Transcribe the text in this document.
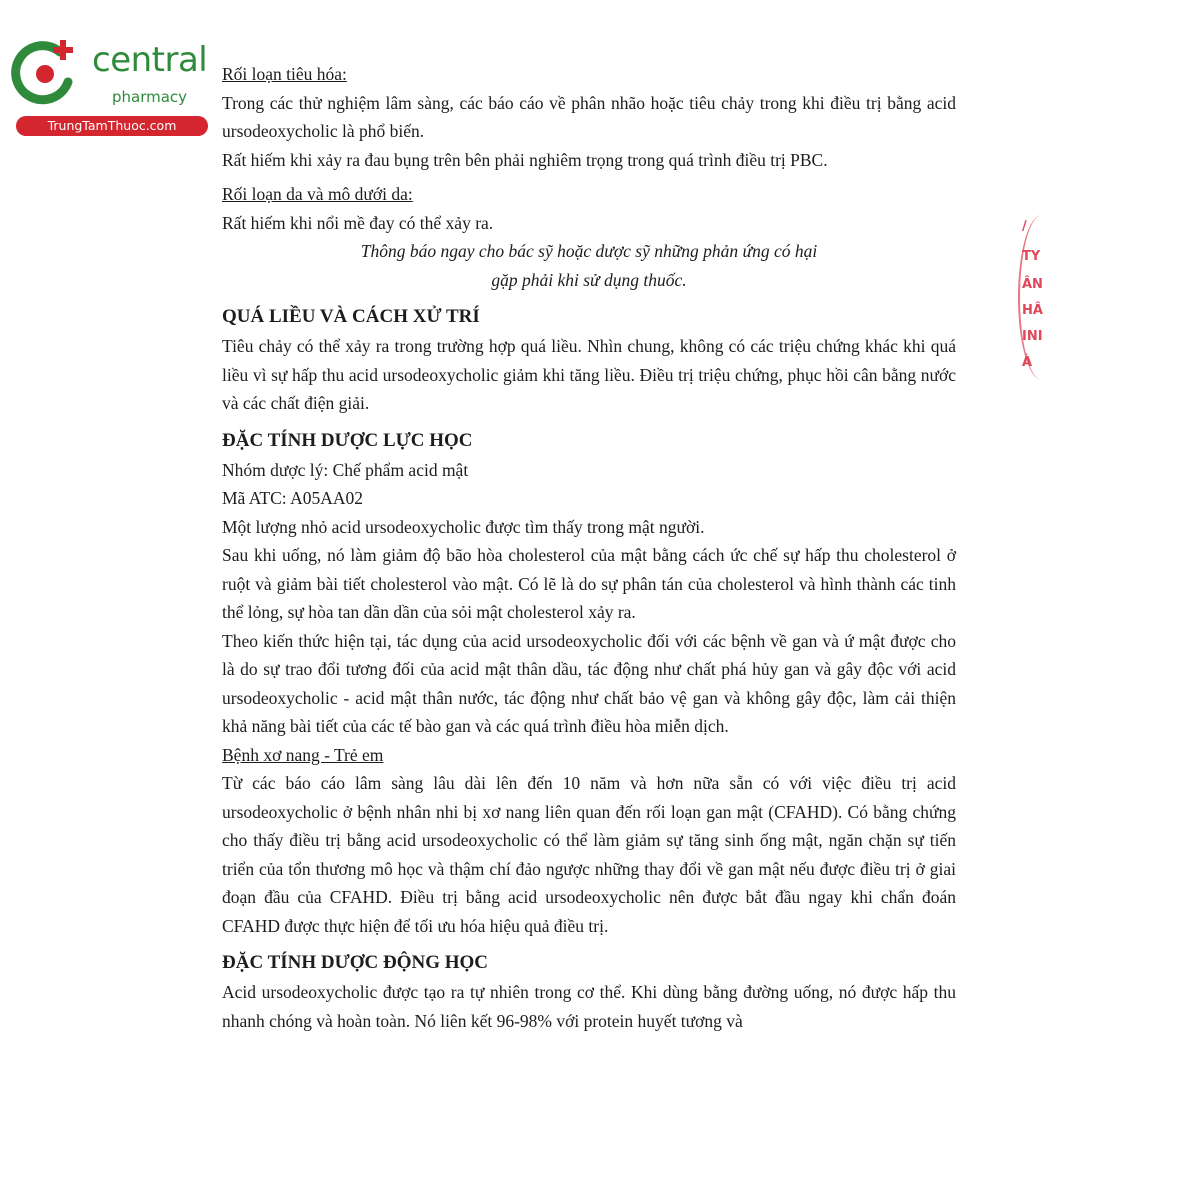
central
pharmacy
TrungTamThuoc.com
/
TY
ÂN
HÂ
INI
À

Rối loạn tiêu hóa:

Trong các thử nghiệm lâm sàng, các báo cáo về phân nhão hoặc tiêu chảy trong khi điều trị bằng acid ursodeoxycholic là phổ biến.

Rất hiếm khi xảy ra đau bụng trên bên phải nghiêm trọng trong quá trình điều trị PBC.

Rối loạn da và mô dưới da:

Rất hiếm khi nổi mề đay có thể xảy ra.

Thông báo ngay cho bác sỹ hoặc dược sỹ những phản ứng có hại

gặp phải khi sử dụng thuốc.

QUÁ LIỀU VÀ CÁCH XỬ TRÍ

Tiêu chảy có thể xảy ra trong trường hợp quá liều. Nhìn chung, không có các triệu chứng khác khi quá liều vì sự hấp thu acid ursodeoxycholic giảm khi tăng liều. Điều trị triệu chứng, phục hồi cân bằng nước và các chất điện giải.

ĐẶC TÍNH DƯỢC LỰC HỌC

Nhóm dược lý: Chế phẩm acid mật

Mã ATC: A05AA02

Một lượng nhỏ acid ursodeoxycholic được tìm thấy trong mật người.

Sau khi uống, nó làm giảm độ bão hòa cholesterol của mật bằng cách ức chế sự hấp thu cholesterol ở ruột và giảm bài tiết cholesterol vào mật. Có lẽ là do sự phân tán của cholesterol và hình thành các tinh thể lỏng, sự hòa tan dần dần của sỏi mật cholesterol xảy ra.

Theo kiến thức hiện tại, tác dụng của acid ursodeoxycholic đối với các bệnh về gan và ứ mật được cho là do sự trao đổi tương đối của acid mật thân dầu, tác động như chất phá hủy gan và gây độc với acid ursodeoxycholic - acid mật thân nước, tác động như chất bảo vệ gan và không gây độc, làm cải thiện khả năng bài tiết của các tế bào gan và các quá trình điều hòa miễn dịch.

Bệnh xơ nang - Trẻ em

Từ các báo cáo lâm sàng lâu dài lên đến 10 năm và hơn nữa sẵn có với việc điều trị acid ursodeoxycholic ở bệnh nhân nhi bị xơ nang liên quan đến rối loạn gan mật (CFAHD). Có bằng chứng cho thấy điều trị bằng acid ursodeoxycholic có thể làm giảm sự tăng sinh ống mật, ngăn chặn sự tiến triển của tổn thương mô học và thậm chí đảo ngược những thay đổi về gan mật nếu được điều trị ở giai đoạn đầu của CFAHD. Điều trị bằng acid ursodeoxycholic nên được bắt đầu ngay khi chẩn đoán CFAHD được thực hiện để tối ưu hóa hiệu quả điều trị.

ĐẶC TÍNH DƯỢC ĐỘNG HỌC

Acid ursodeoxycholic được tạo ra tự nhiên trong cơ thể. Khi dùng bằng đường uống, nó được hấp thu nhanh chóng và hoàn toàn. Nó liên kết 96-98% với protein huyết tương và
